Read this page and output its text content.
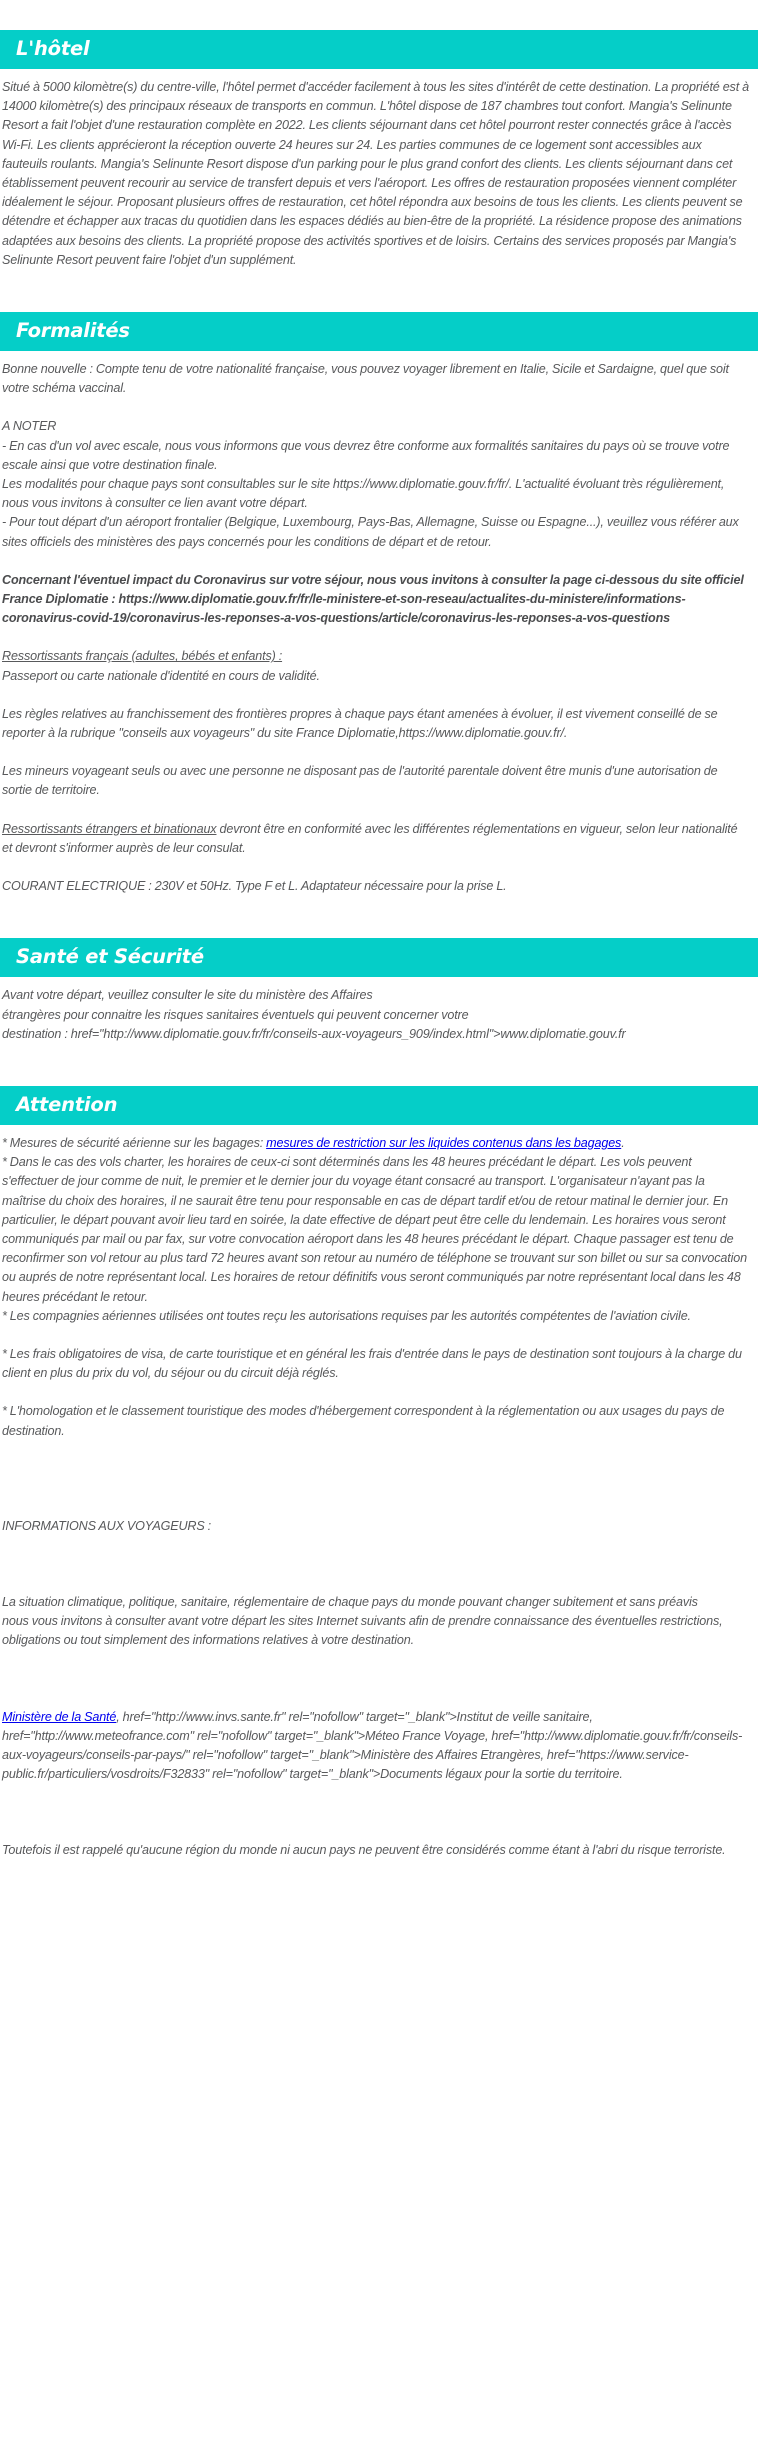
L'hôtel

Situé à 5000 kilomètre(s) du centre-ville, l'hôtel permet d'accéder facilement à tous les sites d'intérêt de cette destination. La propriété est à 14000 kilomètre(s) des principaux réseaux de transports en commun. L'hôtel dispose de 187 chambres tout confort. Mangia's Selinunte Resort a fait l'objet d'une restauration complète en 2022. Les clients séjournant dans cet hôtel pourront rester connectés grâce à l'accès Wi-Fi. Les clients apprécieront la réception ouverte 24 heures sur 24. Les parties communes de ce logement sont accessibles aux fauteuils roulants. Mangia's Selinunte Resort dispose d'un parking pour le plus grand confort des clients. Les clients séjournant dans cet établissement peuvent recourir au service de transfert depuis et vers l'aéroport. Les offres de restauration proposées viennent compléter idéalement le séjour. Proposant plusieurs offres de restauration, cet hôtel répondra aux besoins de tous les clients. Les clients peuvent se détendre et échapper aux tracas du quotidien dans les espaces dédiés au bien-être de la propriété. La résidence propose des animations adaptées aux besoins des clients. La propriété propose des activités sportives et de loisirs. Certains des services proposés par Mangia's Selinunte Resort peuvent faire l'objet d'un supplément.

Formalités

Bonne nouvelle : Compte tenu de votre nationalité française, vous pouvez voyager librement en Italie, Sicile et Sardaigne, quel que soit votre schéma vaccinal.

A NOTER

- En cas d'un vol avec escale, nous vous informons que vous devrez être conforme aux formalités sanitaires du pays où se trouve votre escale ainsi que votre destination finale.

Les modalités pour chaque pays sont consultables sur le site https://www.diplomatie.gouv.fr/fr/. L'actualité évoluant très régulièrement, nous vous invitons à consulter ce lien avant votre départ.

- Pour tout départ d'un aéroport frontalier (Belgique, Luxembourg, Pays-Bas, Allemagne, Suisse ou Espagne...), veuillez vous référer aux sites officiels des ministères des pays concernés pour les conditions de départ et de retour.

Concernant l'éventuel impact du Coronavirus sur votre séjour, nous vous invitons à consulter la page ci-dessous du site officiel France Diplomatie : https://www.diplomatie.gouv.fr/fr/le-ministere-et-son-reseau/actualites-du-ministere/informations-coronavirus-covid-19/coronavirus-les-reponses-a-vos-questions/article/coronavirus-les-reponses-a-vos-questions

Ressortissants français (adultes, bébés et enfants) :

Passeport ou carte nationale d'identité en cours de validité.

Les règles relatives au franchissement des frontières propres à chaque pays étant amenées à évoluer, il est vivement conseillé de se reporter à la rubrique "conseils aux voyageurs" du site France Diplomatie,https://www.diplomatie.gouv.fr/.

Les mineurs voyageant seuls ou avec une personne ne disposant pas de l'autorité parentale doivent être munis d'une autorisation de sortie de territoire.

Ressortissants étrangers et binationaux devront être en conformité avec les différentes réglementations en vigueur, selon leur nationalité et devront s'informer auprès de leur consulat.

COURANT ELECTRIQUE : 230V et 50Hz. Type F et L. Adaptateur nécessaire pour la prise L.

Santé et Sécurité

Avant votre départ, veuillez consulter le site du ministère des Affaires

étrangères pour connaitre les risques sanitaires éventuels qui peuvent concerner votre

destination : href="http://www.diplomatie.gouv.fr/fr/conseils-aux-voyageurs_909/index.html">www.diplomatie.gouv.fr

Attention

* Mesures de sécurité aérienne sur les bagages: mesures de restriction sur les liquides contenus dans les bagages.

* Dans le cas des vols charter, les horaires de ceux-ci sont déterminés dans les 48 heures précédant le départ. Les vols peuvent s'effectuer de jour comme de nuit, le premier et le dernier jour du voyage étant consacré au transport. L'organisateur n'ayant pas la maîtrise du choix des horaires, il ne saurait être tenu pour responsable en cas de départ tardif et/ou de retour matinal le dernier jour. En particulier, le départ pouvant avoir lieu tard en soirée, la date effective de départ peut être celle du lendemain. Les horaires vous seront communiqués par mail ou par fax, sur votre convocation aéroport dans les 48 heures précédant le départ. Chaque passager est tenu de reconfirmer son vol retour au plus tard 72 heures avant son retour au numéro de téléphone se trouvant sur son billet ou sur sa convocation ou auprés de notre représentant local. Les horaires de retour définitifs vous seront communiqués par notre représentant local dans les 48 heures précédant le retour.

* Les compagnies aériennes utilisées ont toutes reçu les autorisations requises par les autorités compétentes de l'aviation civile.

* Les frais obligatoires de visa, de carte touristique et en général les frais d'entrée dans le pays de destination sont toujours à la charge du client en plus du prix du vol, du séjour ou du circuit déjà réglés.

* L'homologation et le classement touristique des modes d'hébergement correspondent à la réglementation ou aux usages du pays de destination.

INFORMATIONS AUX VOYAGEURS :

La situation climatique, politique, sanitaire, réglementaire de chaque pays du monde pouvant changer subitement et sans préavis

nous vous invitons à consulter avant votre départ les sites Internet suivants afin de prendre connaissance des éventuelles restrictions, obligations ou tout simplement des informations relatives à votre destination.

Ministère de la Santé, href="http://www.invs.sante.fr" rel="nofollow" target="_blank">Institut de veille sanitaire, href="http://www.meteofrance.com" rel="nofollow" target="_blank">Méteo France Voyage, href="http://www.diplomatie.gouv.fr/fr/conseils-aux-voyageurs/conseils-par-pays/" rel="nofollow" target="_blank">Ministère des Affaires Etrangères, href="https://www.service-public.fr/particuliers/vosdroits/F32833" rel="nofollow" target="_blank">Documents légaux pour la sortie du territoire.

Toutefois il est rappelé qu'aucune région du monde ni aucun pays ne peuvent être considérés comme étant à l'abri du risque terroriste.
